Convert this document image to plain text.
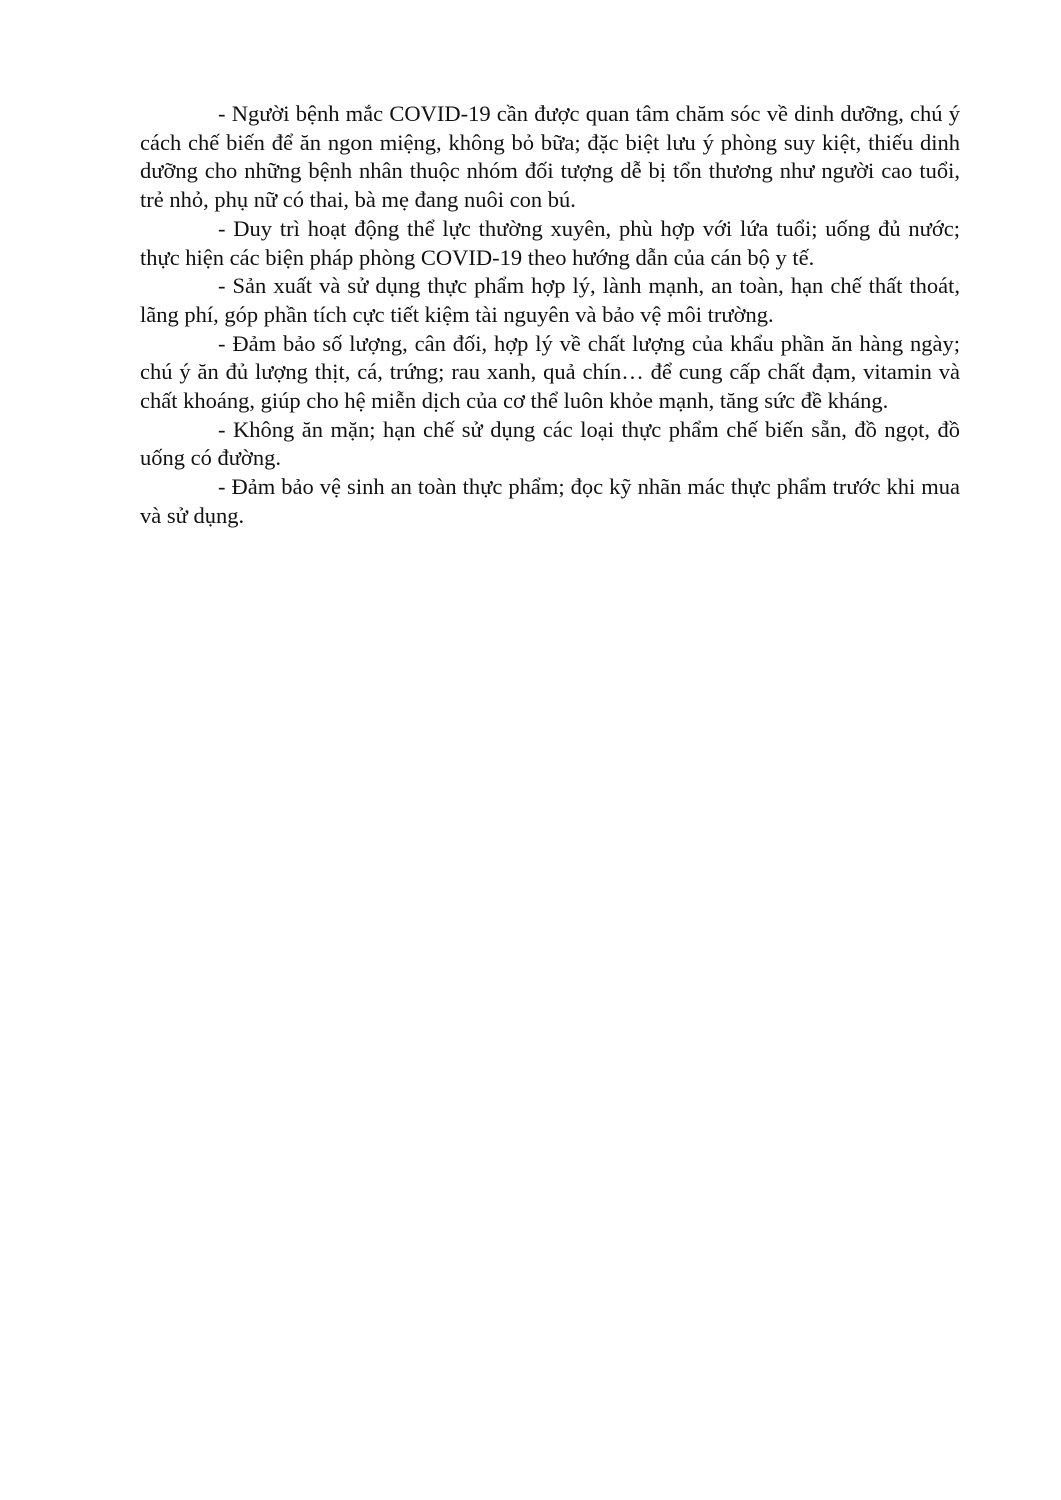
- Người bệnh mắc COVID-19 cần được quan tâm chăm sóc về dinh dưỡng, chú ý cách chế biến để ăn ngon miệng, không bỏ bữa; đặc biệt lưu ý phòng suy kiệt, thiếu dinh dưỡng cho những bệnh nhân thuộc nhóm đối tượng dễ bị tổn thương như người cao tuổi, trẻ nhỏ, phụ nữ có thai, bà mẹ đang nuôi con bú.

- Duy trì hoạt động thể lực thường xuyên, phù hợp với lứa tuổi; uống đủ nước; thực hiện các biện pháp phòng COVID-19 theo hướng dẫn của cán bộ y tế.

- Sản xuất và sử dụng thực phẩm hợp lý, lành mạnh, an toàn, hạn chế thất thoát, lãng phí, góp phần tích cực tiết kiệm tài nguyên và bảo vệ môi trường.

- Đảm bảo số lượng, cân đối, hợp lý về chất lượng của khẩu phần ăn hàng ngày; chú ý ăn đủ lượng thịt, cá, trứng; rau xanh, quả chín… để cung cấp chất đạm, vitamin và chất khoáng, giúp cho hệ miễn dịch của cơ thể luôn khỏe mạnh, tăng sức đề kháng.

- Không ăn mặn; hạn chế sử dụng các loại thực phẩm chế biến sẵn, đồ ngọt, đồ uống có đường.

- Đảm bảo vệ sinh an toàn thực phẩm; đọc kỹ nhãn mác thực phẩm trước khi mua và sử dụng.
